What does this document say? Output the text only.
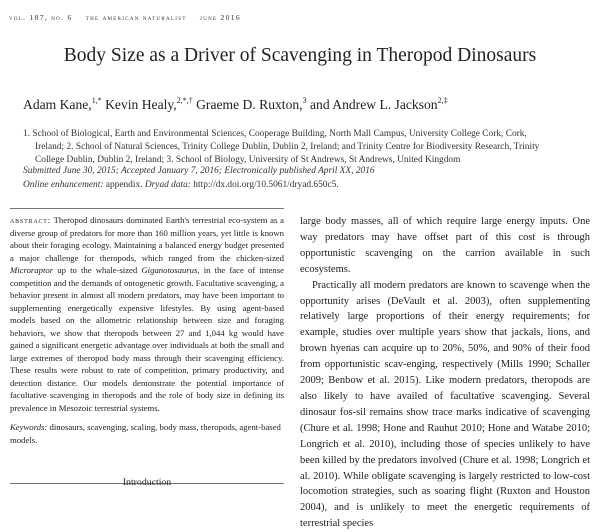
vol. 187, no. 6 the american naturalist june 2016
Body Size as a Driver of Scavenging in Theropod Dinosaurs
Adam Kane,$^{1,*}$ Kevin Healy,$^{2,*,\dagger}$ Graeme D. Ruxton,$^3$ and Andrew L. Jackson$^{2,\ddagger}$

1. School of Biological, Earth and Environmental Sciences, Cooperage Building, North Mall Campus, University College Cork, Cork,

Ireland; 2. School of Natural Sciences, Trinity College Dublin, Dublin 2, Ireland; and Trinity Centre for Biodiversity Research, Trinity

College Dublin, Dublin 2, Ireland; 3. School of Biology, University of St Andrews, St Andrews, United Kingdom

Submitted June 30, 2015; Accepted January 7, 2016; Electronically published April XX, 2016
Online enhancement: appendix. Dryad data: http://dx.doi.org/10.5061/dryad.650c5.

abstract: Theropod dinosaurs dominated Earth's terrestrial eco-system as a diverse group of predators for more than 160 million years, yet little is known about their foraging ecology. Maintaining a balanced energy budget presented a major challenge for theropods, which ranged from the chicken-sized Microraptor up to the whale-sized Giganotosaurus, in the face of intense competition and the demands of ontogenetic growth. Facultative scavenging, a behavior present in almost all modern predators, may have been important to supplementing energetically expensive lifestyles. By using agent-based models based on the allometric relationship between size and foraging behaviors, we show that theropods between 27 and 1,044 kg would have gained a significant energetic advantage over individuals at both the small and large extremes of theropod body mass through their scavenging efficiency. These results were robust to rate of competition, primary productivity, and detection distance. Our models demonstrate the potential importance of facultative scavenging in theropods and the role of body size in defining its prevalence in Mesozoic terrestrial systems.

Keywords: dinosaurs, scavenging, scaling, body mass, theropods, agent-based models.

Introduction

large body masses, all of which require large energy inputs. One way predators may have offset part of this cost is through opportunistic scavenging on the carrion available in such ecosystems.

Practically all modern predators are known to scavenge when the opportunity arises (DeVault et al. 2003), often supplementing relatively large proportions of their energy requirements; for example, studies over multiple years show that jackals, lions, and brown hyenas can acquire up to 20%, 50%, and 90% of their food from opportunistic scav-enging, respectively (Mills 1990; Schaller 2009; Benbow et al. 2015). Like modern predators, theropods are also likely to have availed of facultative scavenging. Several dinosaur fos-sil remains show trace marks indicative of scavenging (Chure et al. 1998; Hone and Rauhut 2010; Hone and Watabe 2010; Longrich et al. 2010), including those of species unlikely to have been killed by the predators involved (Chure et al. 1998; Longrich et al. 2010). While obligate scavenging is largely restricted to low-cost locomotion strategies, such as soaring flight (Ruxton and Houston 2004), and is unlikely to meet the energetic requirements of terrestrial species
